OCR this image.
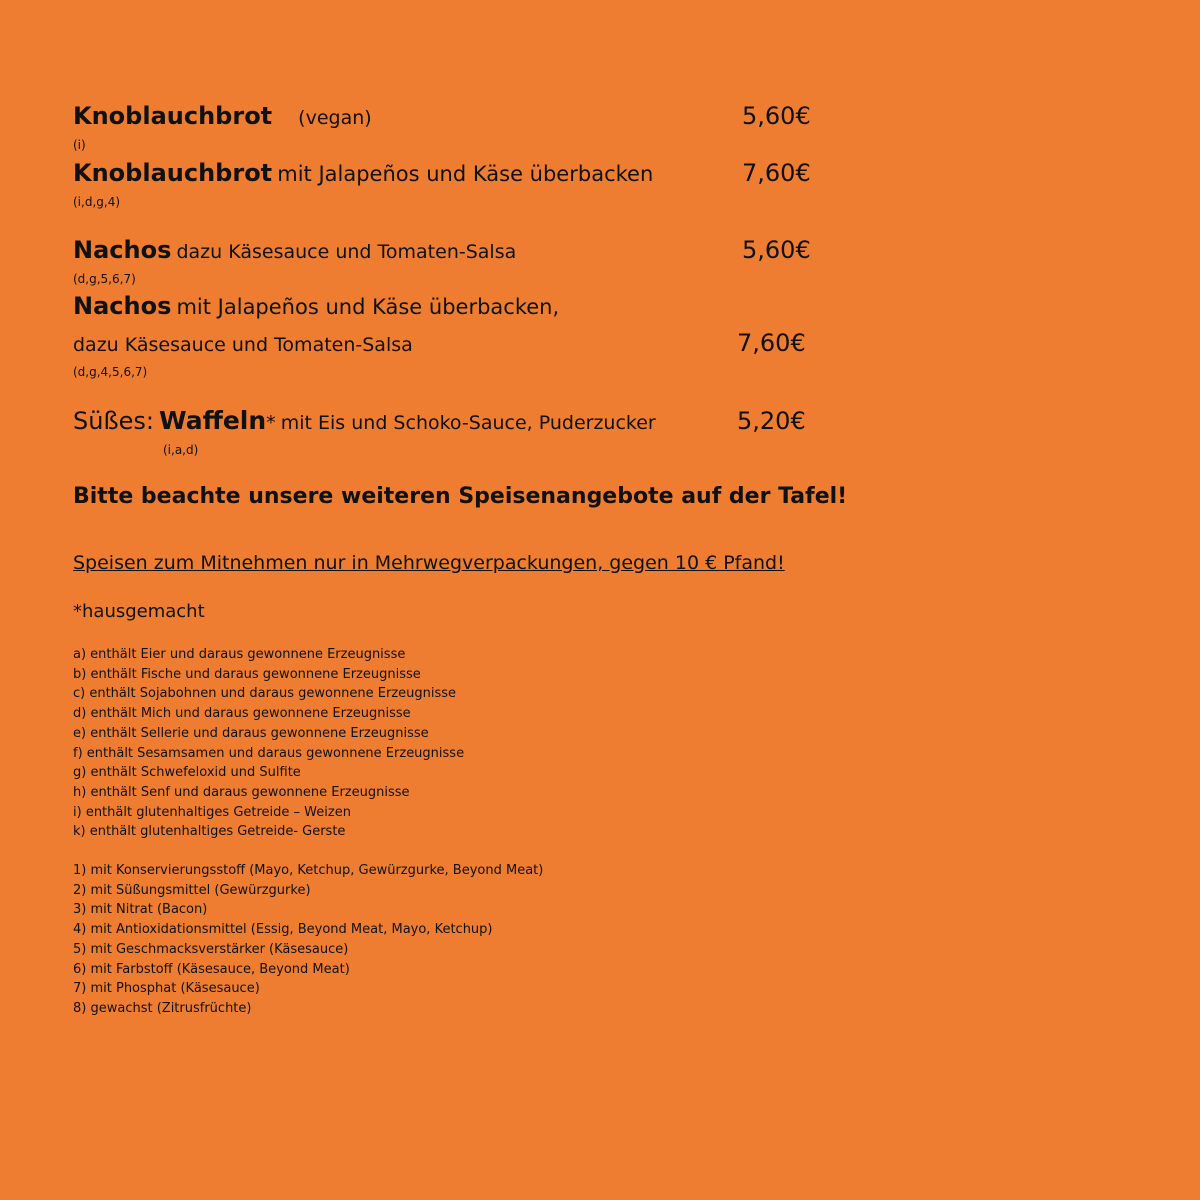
Knoblauchbrot (vegan)	5,60€
(i)
Knoblauchbrot mit Jalapeños und Käse überbacken	7,60€
(i,d,g,4)
Nachos dazu Käsesauce und Tomaten-Salsa	5,60€
(d,g,5,6,7)
Nachos mit Jalapeños und Käse überbacken,
dazu Käsesauce und Tomaten-Salsa	7,60€
(d,g,4,5,6,7)
Süßes: Waffeln* mit Eis und Schoko-Sauce, Puderzucker	5,20€
(i,a,d)
Bitte beachte unsere weiteren Speisenangebote auf der Tafel!
Speisen zum Mitnehmen nur in Mehrwegverpackungen, gegen 10 € Pfand!
*hausgemacht
a) enthält Eier und daraus gewonnene Erzeugnisse
b) enthält Fische und daraus gewonnene Erzeugnisse
c) enthält Sojabohnen und daraus gewonnene Erzeugnisse
d) enthält Mich und daraus gewonnene Erzeugnisse
e) enthält Sellerie und daraus gewonnene Erzeugnisse
f) enthält Sesamsamen und daraus gewonnene Erzeugnisse
g) enthält Schwefeloxid und Sulfite
h) enthält Senf und daraus gewonnene Erzeugnisse
i) enthält glutenhaltiges Getreide – Weizen
k) enthält glutenhaltiges Getreide- Gerste
1) mit Konservierungsstoff (Mayo, Ketchup, Gewürzgurke, Beyond Meat)
2) mit Süßungsmittel (Gewürzgurke)
3) mit Nitrat (Bacon)
4) mit Antioxidationsmittel (Essig, Beyond Meat, Mayo, Ketchup)
5) mit Geschmacksverstärker (Käsesauce)
6) mit Farbstoff (Käsesauce, Beyond Meat)
7) mit Phosphat (Käsesauce)
8) gewachst (Zitrusfrüchte)
